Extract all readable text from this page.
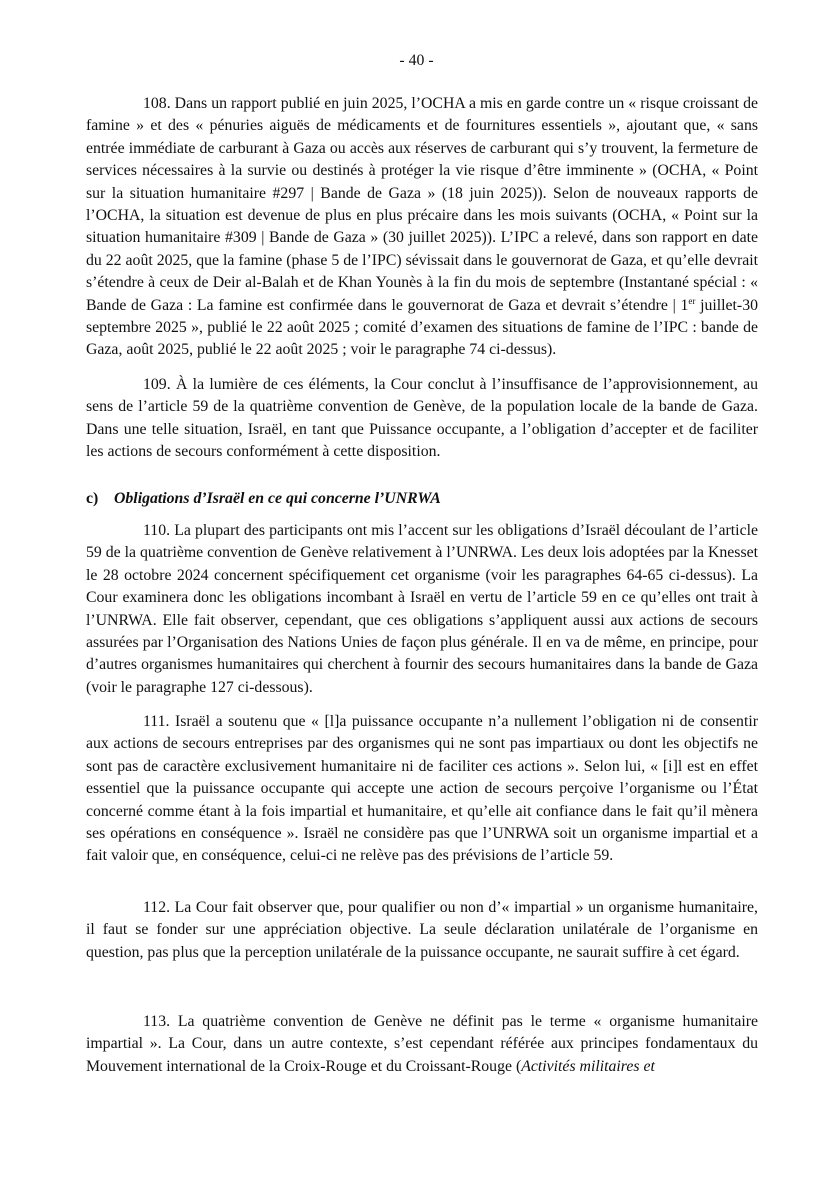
- 40 -

108. Dans un rapport publié en juin 2025, l’OCHA a mis en garde contre un « risque croissant de famine » et des « pénuries aiguës de médicaments et de fournitures essentiels », ajoutant que, « sans entrée immédiate de carburant à Gaza ou accès aux réserves de carburant qui s’y trouvent, la fermeture de services nécessaires à la survie ou destinés à protéger la vie risque d’être imminente » (OCHA, « Point sur la situation humanitaire #297 | Bande de Gaza » (18 juin 2025)). Selon de nouveaux rapports de l’OCHA, la situation est devenue de plus en plus précaire dans les mois suivants (OCHA, « Point sur la situation humanitaire #309 | Bande de Gaza » (30 juillet 2025)). L’IPC a relevé, dans son rapport en date du 22 août 2025, que la famine (phase 5 de l’IPC) sévissait dans le gouvernorat de Gaza, et qu’elle devrait s’étendre à ceux de Deir al-Balah et de Khan Younès à la fin du mois de septembre (Instantané spécial : « Bande de Gaza : La famine est confirmée dans le gouvernorat de Gaza et devrait s’étendre | 1er juillet-30 septembre 2025 », publié le 22 août 2025 ; comité d’examen des situations de famine de l’IPC : bande de Gaza, août 2025, publié le 22 août 2025 ; voir le paragraphe 74 ci-dessus).

109. À la lumière de ces éléments, la Cour conclut à l’insuffisance de l’approvisionnement, au sens de l’article 59 de la quatrième convention de Genève, de la population locale de la bande de Gaza. Dans une telle situation, Israël, en tant que Puissance occupante, a l’obligation d’accepter et de faciliter les actions de secours conformément à cette disposition.

c) Obligations d’Israël en ce qui concerne l’UNRWA

110. La plupart des participants ont mis l’accent sur les obligations d’Israël découlant de l’article 59 de la quatrième convention de Genève relativement à l’UNRWA. Les deux lois adoptées par la Knesset le 28 octobre 2024 concernent spécifiquement cet organisme (voir les paragraphes 64-65 ci-dessus). La Cour examinera donc les obligations incombant à Israël en vertu de l’article 59 en ce qu’elles ont trait à l’UNRWA. Elle fait observer, cependant, que ces obligations s’appliquent aussi aux actions de secours assurées par l’Organisation des Nations Unies de façon plus générale. Il en va de même, en principe, pour d’autres organismes humanitaires qui cherchent à fournir des secours humanitaires dans la bande de Gaza (voir le paragraphe 127 ci-dessous).

111. Israël a soutenu que « [l]a puissance occupante n’a nullement l’obligation ni de consentir aux actions de secours entreprises par des organismes qui ne sont pas impartiaux ou dont les objectifs ne sont pas de caractère exclusivement humanitaire ni de faciliter ces actions ». Selon lui, « [i]l est en effet essentiel que la puissance occupante qui accepte une action de secours perçoive l’organisme ou l’État concerné comme étant à la fois impartial et humanitaire, et qu’elle ait confiance dans le fait qu’il mènera ses opérations en conséquence ». Israël ne considère pas que l’UNRWA soit un organisme impartial et a fait valoir que, en conséquence, celui-ci ne relève pas des prévisions de l’article 59.

112. La Cour fait observer que, pour qualifier ou non d’« impartial » un organisme humanitaire, il faut se fonder sur une appréciation objective. La seule déclaration unilatérale de l’organisme en question, pas plus que la perception unilatérale de la puissance occupante, ne saurait suffire à cet égard.

113. La quatrième convention de Genève ne définit pas le terme « organisme humanitaire impartial ». La Cour, dans un autre contexte, s’est cependant référée aux principes fondamentaux du Mouvement international de la Croix-Rouge et du Croissant-Rouge (Activités militaires et
